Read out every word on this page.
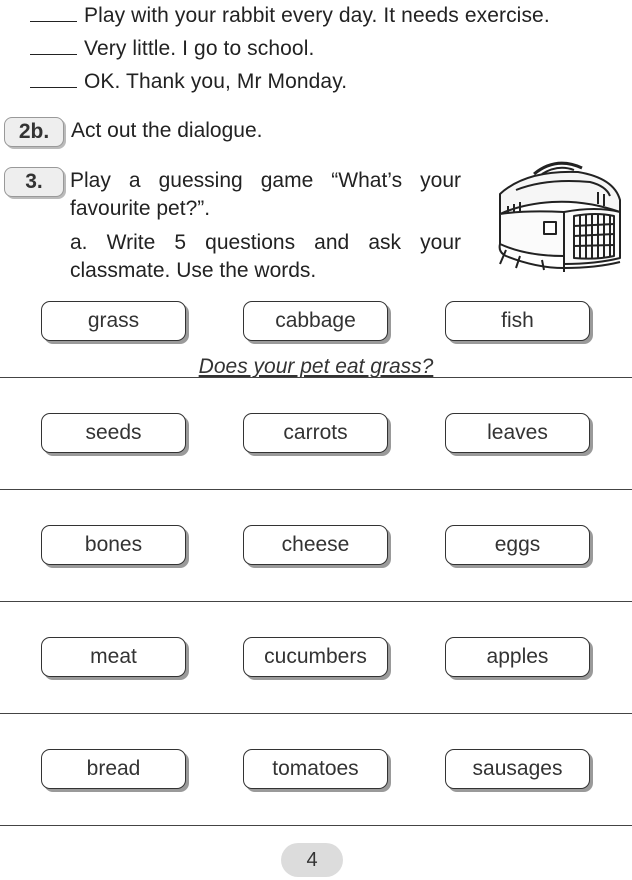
Play with your rabbit every day. It needs exercise.
Very little. I go to school.
OK. Thank you, Mr Monday.
2b.	Act out the dialogue.
3.	Play a guessing game “What’s your
favourite pet?”.
a. Write 5 questions and ask your
classmate. Use the words.
grass	cabbage	fish
Does your pet eat grass?
seeds	carrots	leaves
bones	cheese	eggs
meat	cucumbers	apples
bread	tomatoes	sausages
4
